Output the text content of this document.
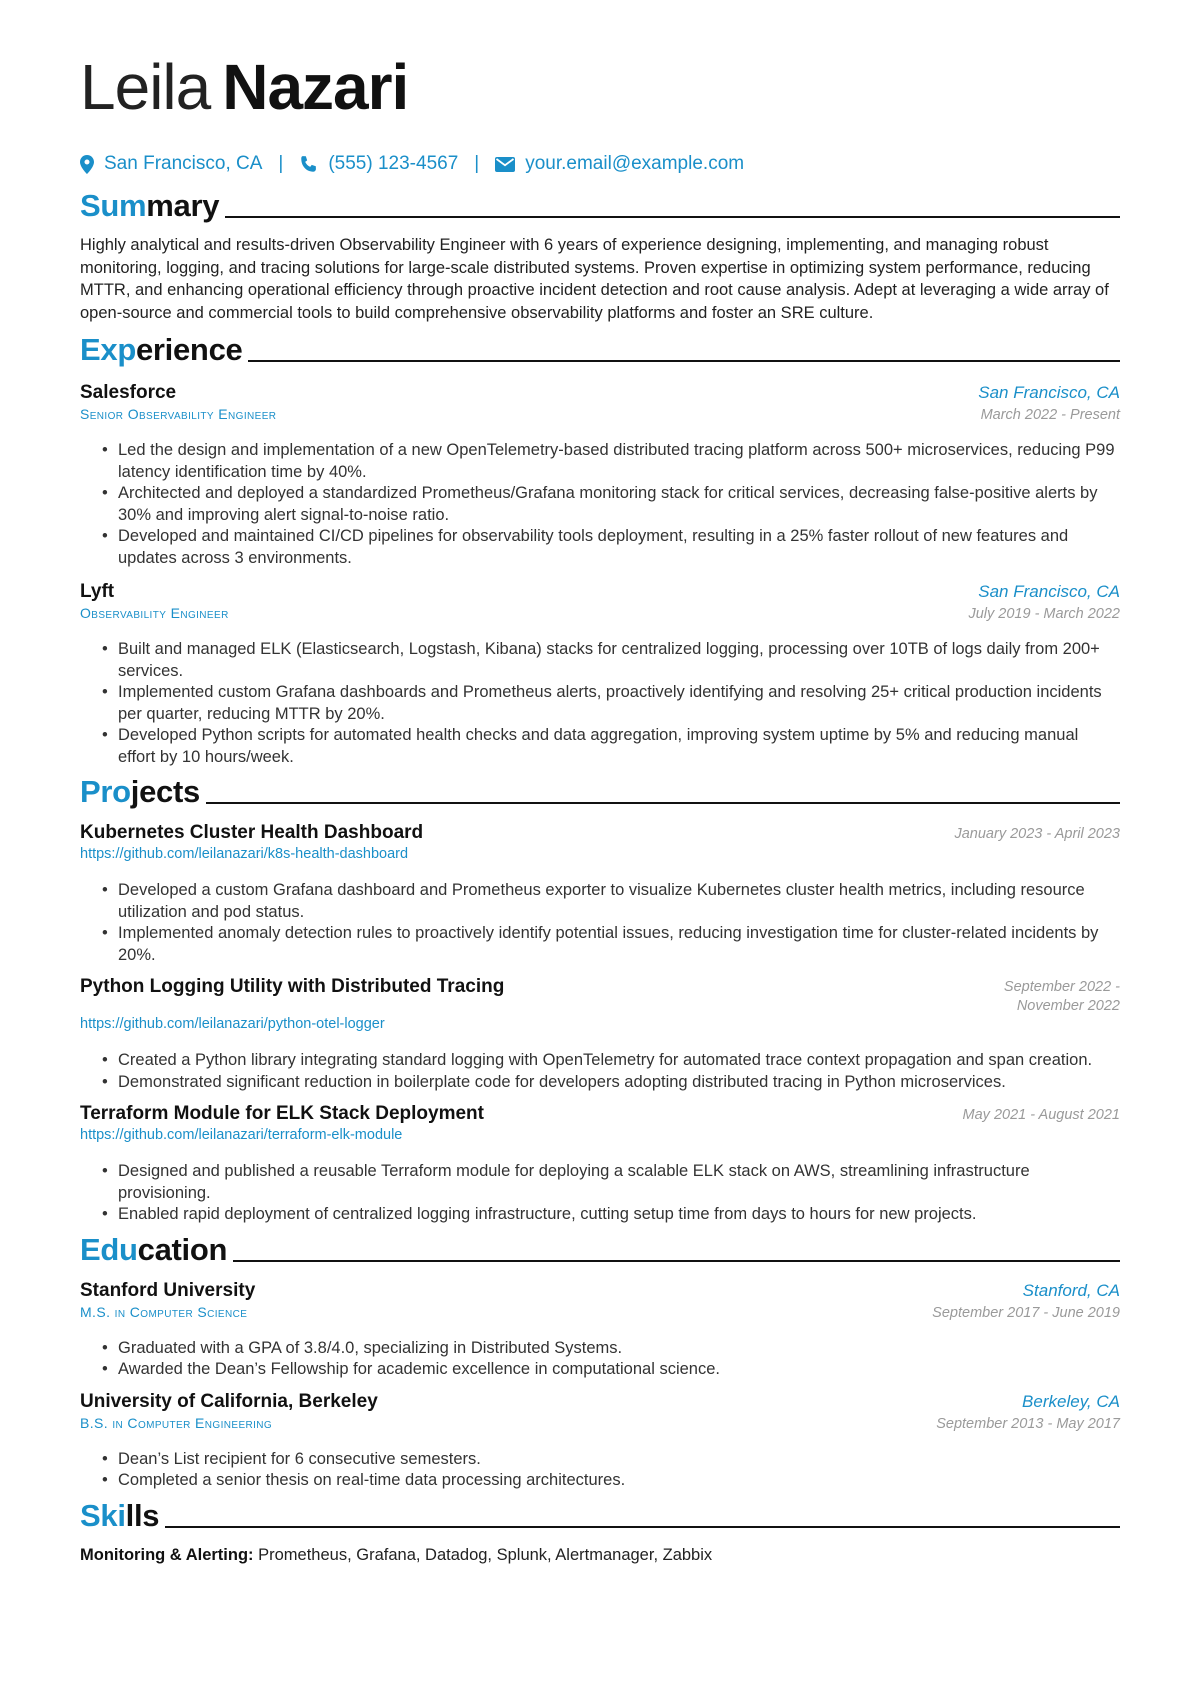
Leila Nazari
San Francisco, CA | (555) 123-4567 | your.email@example.com
Summary

Highly analytical and results-driven Observability Engineer with 6 years of experience designing, implementing, and managing robust monitoring, logging, and tracing solutions for large-scale distributed systems. Proven expertise in optimizing system performance, reducing MTTR, and enhancing operational efficiency through proactive incident detection and root cause analysis. Adept at leveraging a wide array of open-source and commercial tools to build comprehensive observability platforms and foster an SRE culture.

Experience
Salesforce	San Francisco, CA
Senior Observability Engineer	March 2022 - Present
• Led the design and implementation of a new OpenTelemetry-based distributed tracing platform across 500+ microservices, reducing P99 latency identification time by 40%.
• Architected and deployed a standardized Prometheus/Grafana monitoring stack for critical services, decreasing false-positive alerts by 30% and improving alert signal-to-noise ratio.
• Developed and maintained CI/CD pipelines for observability tools deployment, resulting in a 25% faster rollout of new features and updates across 3 environments.
Lyft	San Francisco, CA
Observability Engineer	July 2019 - March 2022
• Built and managed ELK (Elasticsearch, Logstash, Kibana) stacks for centralized logging, processing over 10TB of logs daily from 200+ services.
• Implemented custom Grafana dashboards and Prometheus alerts, proactively identifying and resolving 25+ critical production incidents per quarter, reducing MTTR by 20%.
• Developed Python scripts for automated health checks and data aggregation, improving system uptime by 5% and reducing manual effort by 10 hours/week.
Projects
Kubernetes Cluster Health Dashboard	January 2023 - April 2023
https://github.com/leilanazari/k8s-health-dashboard
• Developed a custom Grafana dashboard and Prometheus exporter to visualize Kubernetes cluster health metrics, including resource utilization and pod status.
• Implemented anomaly detection rules to proactively identify potential issues, reducing investigation time for cluster-related incidents by 20%.
Python Logging Utility with Distributed Tracing	September 2022 - November 2022
https://github.com/leilanazari/python-otel-logger
• Created a Python library integrating standard logging with OpenTelemetry for automated trace context propagation and span creation.
• Demonstrated significant reduction in boilerplate code for developers adopting distributed tracing in Python microservices.
Terraform Module for ELK Stack Deployment	May 2021 - August 2021
https://github.com/leilanazari/terraform-elk-module
• Designed and published a reusable Terraform module for deploying a scalable ELK stack on AWS, streamlining infrastructure provisioning.
• Enabled rapid deployment of centralized logging infrastructure, cutting setup time from days to hours for new projects.
Education
Stanford University	Stanford, CA
M.S. in Computer Science	September 2017 - June 2019
• Graduated with a GPA of 3.8/4.0, specializing in Distributed Systems.
• Awarded the Dean’s Fellowship for academic excellence in computational science.
University of California, Berkeley	Berkeley, CA
B.S. in Computer Engineering	September 2013 - May 2017
• Dean’s List recipient for 6 consecutive semesters.
• Completed a senior thesis on real-time data processing architectures.
Skills
Monitoring & Alerting: Prometheus, Grafana, Datadog, Splunk, Alertmanager, Zabbix
